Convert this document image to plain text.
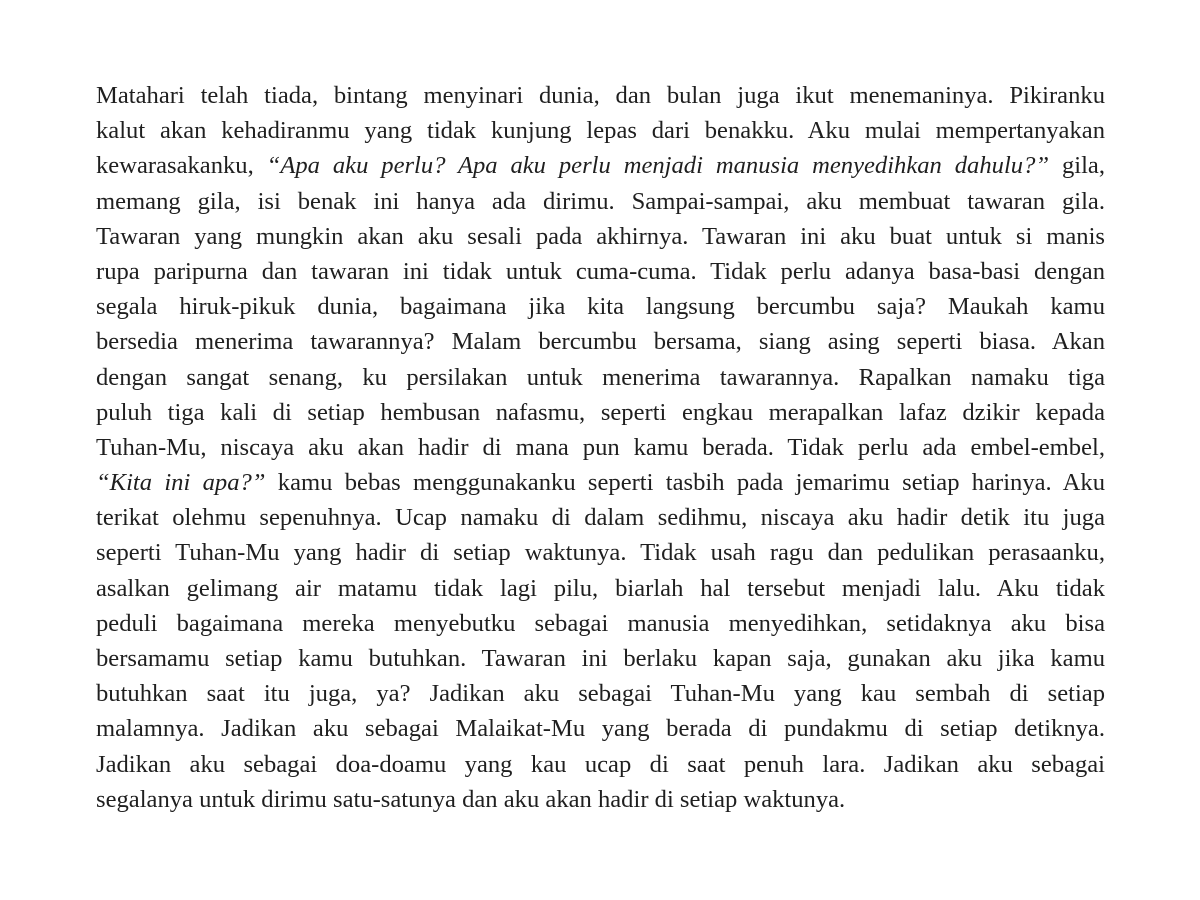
Matahari telah tiada, bintang menyinari dunia, dan bulan juga ikut menemaninya. Pikiranku
kalut akan kehadiranmu yang tidak kunjung lepas dari benakku. Aku mulai mempertanyakan
kewarasakanku, “Apa aku perlu? Apa aku perlu menjadi manusia menyedihkan dahulu?” gila,
memang gila, isi benak ini hanya ada dirimu. Sampai-sampai, aku membuat tawaran gila.
Tawaran yang mungkin akan aku sesali pada akhirnya. Tawaran ini aku buat untuk si manis
rupa paripurna dan tawaran ini tidak untuk cuma-cuma. Tidak perlu adanya basa-basi dengan
segala hiruk-pikuk dunia, bagaimana jika kita langsung bercumbu saja? Maukah kamu
bersedia menerima tawarannya? Malam bercumbu bersama, siang asing seperti biasa. Akan
dengan sangat senang, ku persilakan untuk menerima tawarannya. Rapalkan namaku tiga
puluh tiga kali di setiap hembusan nafasmu, seperti engkau merapalkan lafaz dzikir kepada
Tuhan-Mu, niscaya aku akan hadir di mana pun kamu berada. Tidak perlu ada embel-embel,
“Kita ini apa?” kamu bebas menggunakanku seperti tasbih pada jemarimu setiap harinya. Aku
terikat olehmu sepenuhnya. Ucap namaku di dalam sedihmu, niscaya aku hadir detik itu juga
seperti Tuhan-Mu yang hadir di setiap waktunya. Tidak usah ragu dan pedulikan perasaanku,
asalkan gelimang air matamu tidak lagi pilu, biarlah hal tersebut menjadi lalu. Aku tidak
peduli bagaimana mereka menyebutku sebagai manusia menyedihkan, setidaknya aku bisa
bersamamu setiap kamu butuhkan. Tawaran ini berlaku kapan saja, gunakan aku jika kamu
butuhkan saat itu juga, ya? Jadikan aku sebagai Tuhan-Mu yang kau sembah di setiap
malamnya. Jadikan aku sebagai Malaikat-Mu yang berada di pundakmu di setiap detiknya.
Jadikan aku sebagai doa-doamu yang kau ucap di saat penuh lara. Jadikan aku sebagai
segalanya untuk dirimu satu-satunya dan aku akan hadir di setiap waktunya.
